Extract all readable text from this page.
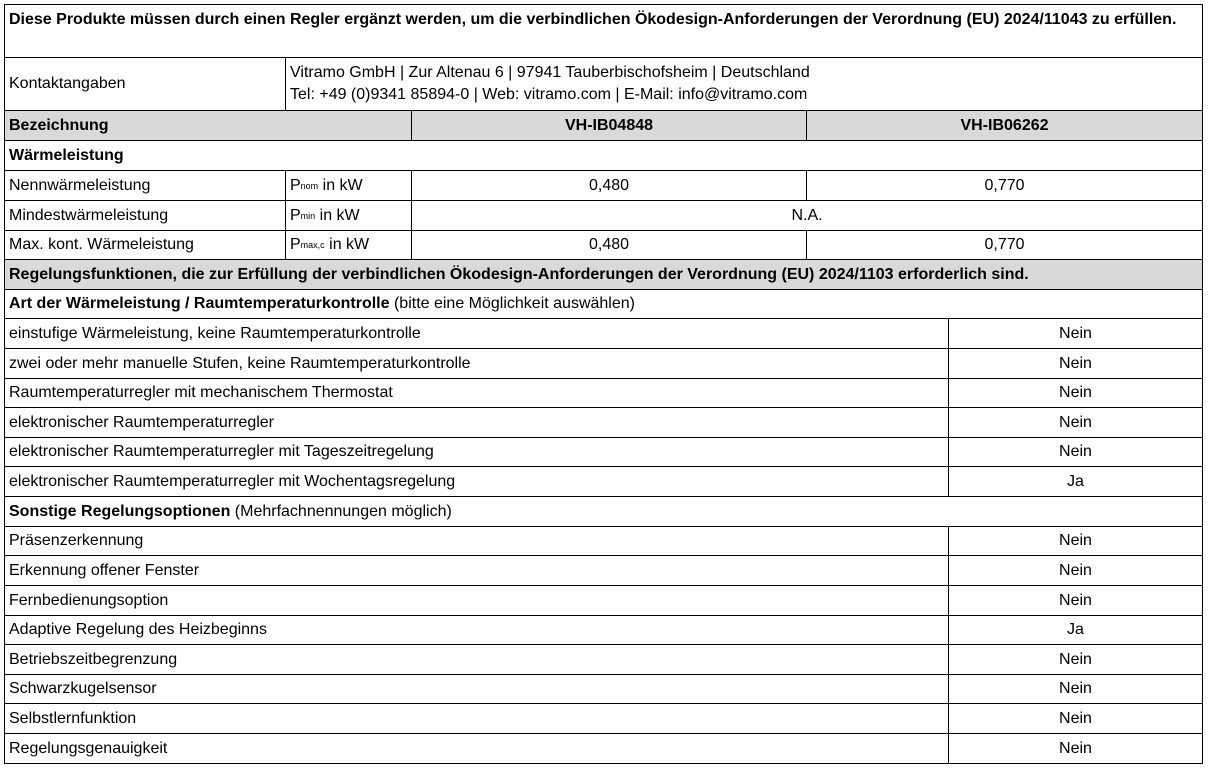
Diese Produkte müssen durch einen Regler ergänzt werden, um die verbindlichen Ökodesign-Anforderungen der Verordnung (EU) 2024/11043 zu erfüllen.
Kontaktangaben
Vitramo GmbH | Zur Altenau 6 | 97941 Tauberbischofsheim | Deutschland
Tel: +49 (0)9341 85894-0 | Web: vitramo.com | E-Mail: info@vitramo.com
Bezeichnung	VH-IB04848	VH-IB06262
Wärmeleistung
Nennwärmeleistung	P nom in kW	0,480	0,770
Mindestwärmeleistung	P min in kW	N.A.
Max. kont. Wärmeleistung	P max,c in kW	0,480	0,770
Regelungsfunktionen, die zur Erfüllung der verbindlichen Ökodesign-Anforderungen der Verordnung (EU) 2024/1103 erforderlich sind.
Art der Wärmeleistung / Raumtemperaturkontrolle (bitte eine Möglichkeit auswählen)
einstufige Wärmeleistung, keine Raumtemperaturkontrolle	Nein
zwei oder mehr manuelle Stufen, keine Raumtemperaturkontrolle	Nein
Raumtemperaturregler mit mechanischem Thermostat	Nein
elektronischer Raumtemperaturregler	Nein
elektronischer Raumtemperaturregler mit Tageszeitregelung	Nein
elektronischer Raumtemperaturregler mit Wochentagsregelung	Ja
Sonstige Regelungsoptionen (Mehrfachnennungen möglich)
Präsenzerkennung	Nein
Erkennung offener Fenster	Nein
Fernbedienungsoption	Nein
Adaptive Regelung des Heizbeginns	Ja
Betriebszeitbegrenzung	Nein
Schwarzkugelsensor	Nein
Selbstlernfunktion	Nein
Regelungsgenauigkeit	Nein
